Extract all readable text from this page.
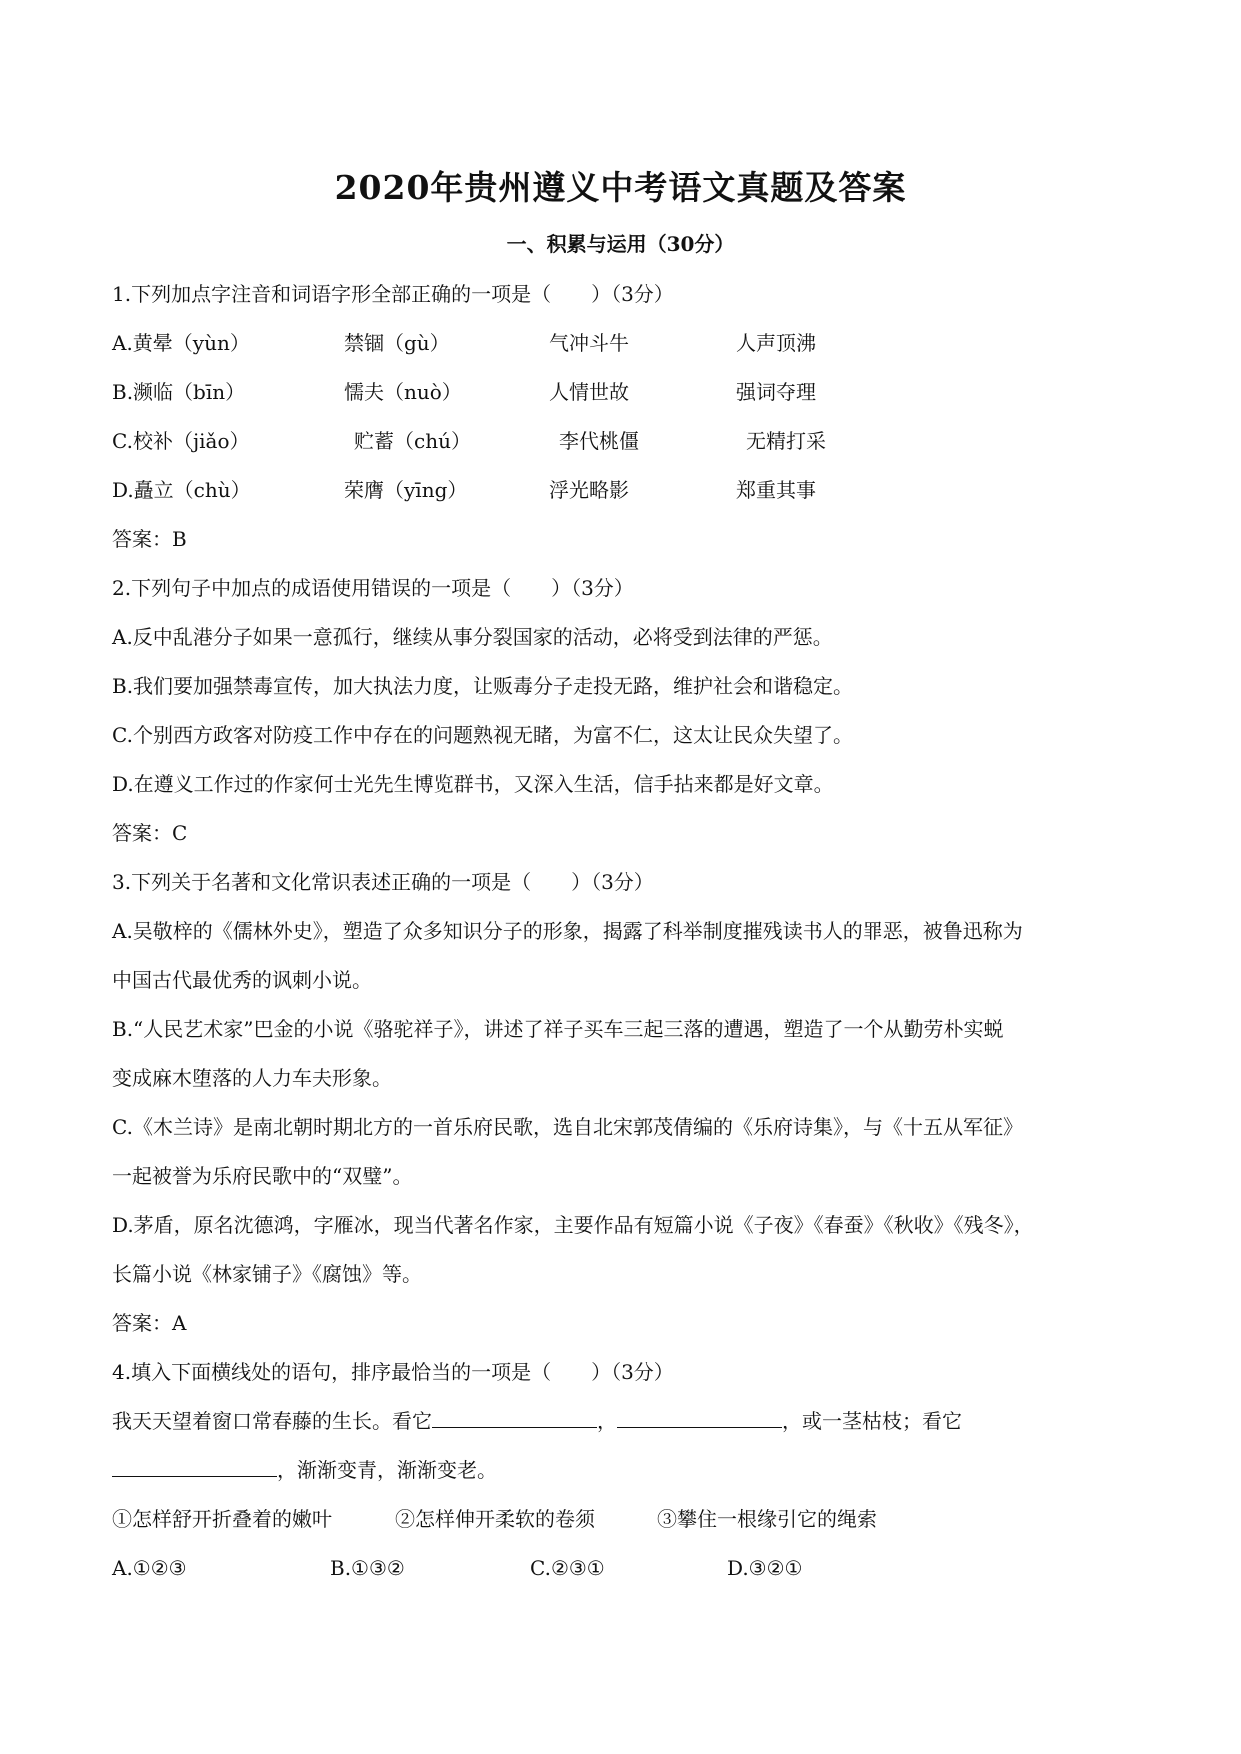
2020年贵州遵义中考语文真题及答案
一、积累与运用（30分）
1.下列加点字注音和词语字形全部正确的一项是（　　）（3分）
A.黄晕（yùn）	禁锢（gù）	气冲斗牛	人声顶沸
B.濒临（bīn）	懦夫（nuò）	人情世故	强词夺理
C.校补（jiǎo）	贮蓄（chú）	李代桃僵	无精打采
D.矗立（chù）	荣膺（yīng）	浮光略影	郑重其事
答案：B
2.下列句子中加点的成语使用错误的一项是（　　）（3分）
A.反中乱港分子如果一意孤行，继续从事分裂国家的活动，必将受到法律的严惩。
B.我们要加强禁毒宣传，加大执法力度，让贩毒分子走投无路，维护社会和谐稳定。
C.个别西方政客对防疫工作中存在的问题熟视无睹，为富不仁，这太让民众失望了。
D.在遵义工作过的作家何士光先生博览群书，又深入生活，信手拈来都是好文章。
答案：C
3.下列关于名著和文化常识表述正确的一项是（　　）（3分）
A.吴敬梓的《儒林外史》，塑造了众多知识分子的形象，揭露了科举制度摧残读书人的罪恶，被鲁迅称为
中国古代最优秀的讽刺小说。
B.“人民艺术家”巴金的小说《骆驼祥子》，讲述了祥子买车三起三落的遭遇，塑造了一个从勤劳朴实蜕
变成麻木堕落的人力车夫形象。
C.《木兰诗》是南北朝时期北方的一首乐府民歌，选自北宋郭茂倩编的《乐府诗集》，与《十五从军征》
一起被誉为乐府民歌中的“双璧”。
D.茅盾，原名沈德鸿，字雁冰，现当代著名作家，主要作品有短篇小说《子夜》《春蚕》《秋收》《残冬》，
长篇小说《林家铺子》《腐蚀》等。
答案：A
4.填入下面横线处的语句，排序最恰当的一项是（　　）（3分）
我天天望着窗口常春藤的生长。看它	，	，或一茎枯枝；看它
，渐渐变青，渐渐变老。
①怎样舒开折叠着的嫩叶	②怎样伸开柔软的卷须	③攀住一根缘引它的绳索
A.①②③	B.①③②	C.②③①	D.③②①
